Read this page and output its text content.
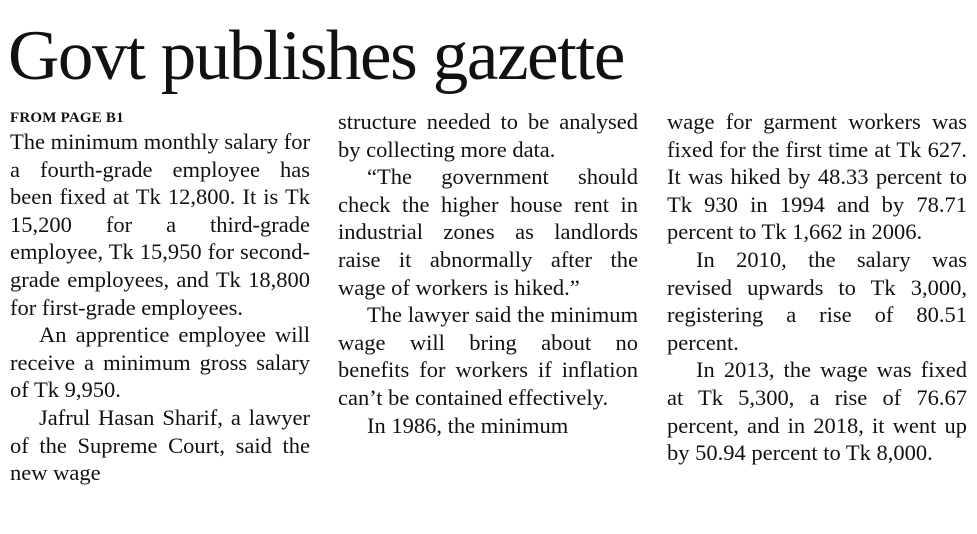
Govt publishes gazette
FROM PAGE B1

The minimum monthly salary for a fourth-grade employee has been fixed at Tk 12,800. It is Tk 15,200 for a third-grade employee, Tk 15,950 for second-grade employees, and Tk 18,800 for first-grade employees.

An apprentice employee will receive a minimum gross salary of Tk 9,950.

Jafrul Hasan Sharif, a lawyer of the Supreme Court, said the new wage

structure needed to be analysed by collecting more data.

“The government should check the higher house rent in industrial zones as landlords raise it abnormally after the wage of workers is hiked.”

The lawyer said the minimum wage will bring about no benefits for workers if inflation can’t be contained effectively.

In 1986, the minimum

wage for garment workers was fixed for the first time at Tk 627. It was hiked by 48.33 percent to Tk 930 in 1994 and by 78.71 percent to Tk 1,662 in 2006.

In 2010, the salary was revised upwards to Tk 3,000, registering a rise of 80.51 percent.

In 2013, the wage was fixed at Tk 5,300, a rise of 76.67 percent, and in 2018, it went up by 50.94 percent to Tk 8,000.
